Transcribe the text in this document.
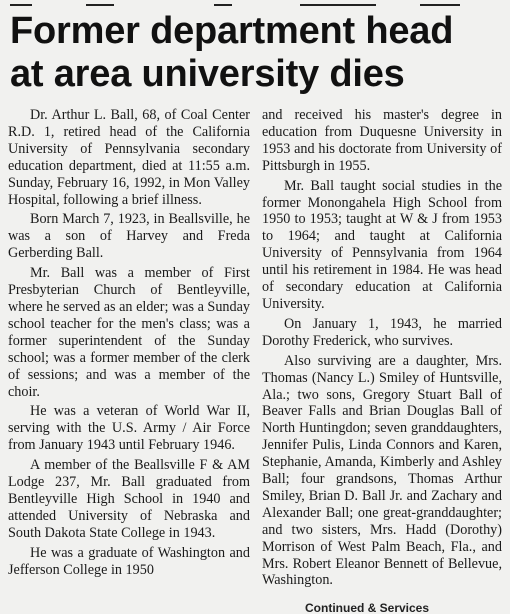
Former department head
at area university dies

Dr. Arthur L. Ball, 68, of Coal Center R.D. 1, retired head of the California University of Pennsylvania secondary education department, died at 11:55 a.m. Sunday, February 16, 1992, in Mon Valley Hospital, following a brief illness.

Born March 7, 1923, in Beallsville, he was a son of Harvey and Freda Gerberding Ball.

Mr. Ball was a member of First Presbyterian Church of Bentleyville, where he served as an elder; was a Sunday school teacher for the men's class; was a former superintendent of the Sunday school; was a former member of the clerk of sessions; and was a member of the choir.

He was a veteran of World War II, serving with the U.S. Army / Air Force from January 1943 until February 1946.

A member of the Beallsville F & AM Lodge 237, Mr. Ball graduated from Bentleyville High School in 1940 and attended University of Nebraska and South Dakota State College in 1943.

He was a graduate of Washington and Jefferson College in 1950

and received his master's degree in education from Duquesne University in 1953 and his doctorate from University of Pittsburgh in 1955.

Mr. Ball taught social studies in the former Monongahela High School from 1950 to 1953; taught at W & J from 1953 to 1964; and taught at California University of Pennsylvania from 1964 until his retirement in 1984. He was head of secondary education at California University.

On January 1, 1943, he married Dorothy Frederick, who survives.

Also surviving are a daughter, Mrs. Thomas (Nancy L.) Smiley of Huntsville, Ala.; two sons, Gregory Stuart Ball of Beaver Falls and Brian Douglas Ball of North Huntingdon; seven granddaughters, Jennifer Pulis, Linda Connors and Karen, Stephanie, Amanda, Kimberly and Ashley Ball; four grandsons, Thomas Arthur Smiley, Brian D. Ball Jr. and Zachary and Alexander Ball; one great-granddaughter; and two sisters, Mrs. Hadd (Dorothy) Morrison of West Palm Beach, Fla., and Mrs. Robert Eleanor Bennett of Bellevue, Washington.

Continued & Services
